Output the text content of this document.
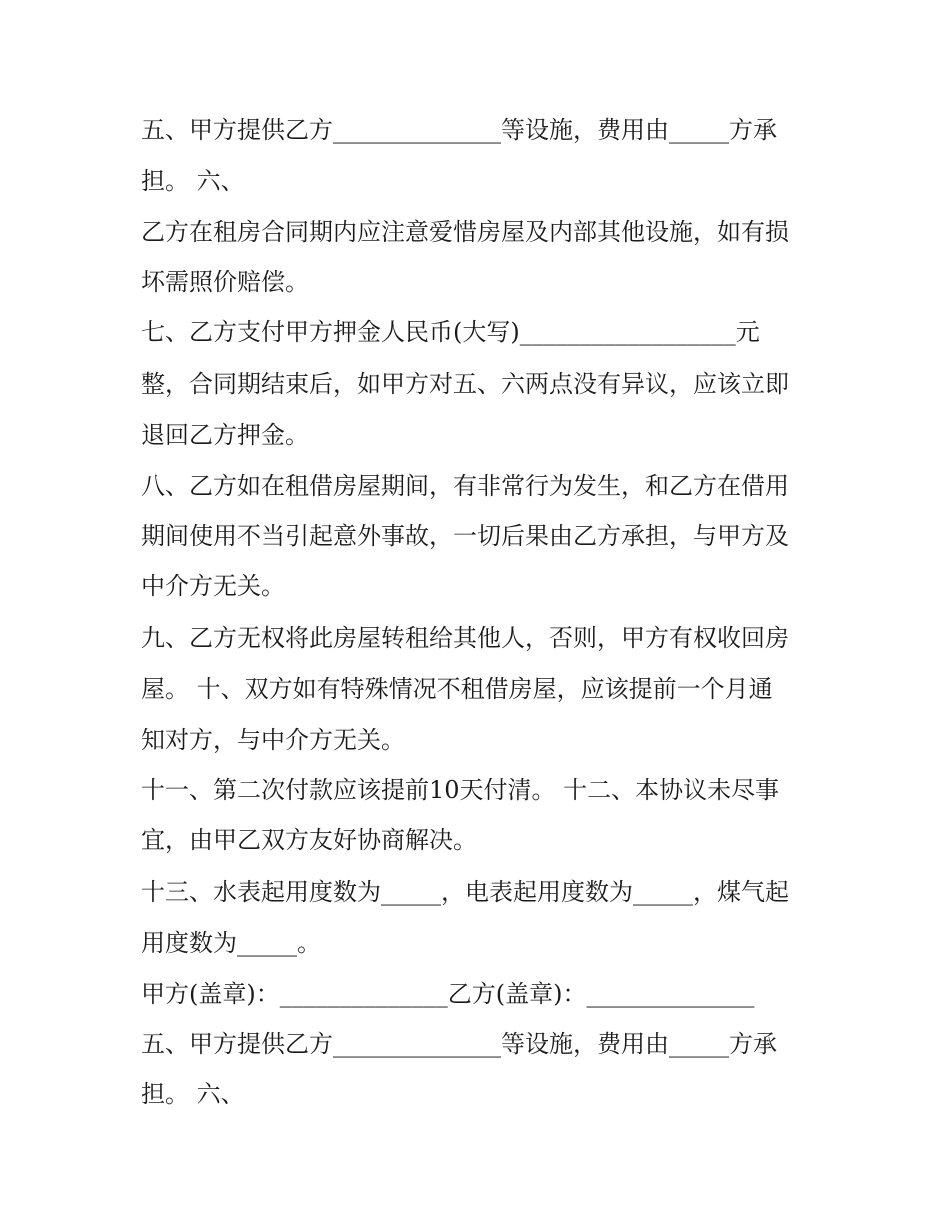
五、甲方提供乙方______________等设施，费用由_____方承
担。 六、
乙方在租房合同期内应注意爱惜房屋及内部其他设施，如有损
坏需照价赔偿。
七、乙方支付甲方押金人民币(大写)__________________元
整，合同期结束后，如甲方对五、六两点没有异议，应该立即
退回乙方押金。
八、乙方如在租借房屋期间，有非常行为发生，和乙方在借用
期间使用不当引起意外事故，一切后果由乙方承担，与甲方及
中介方无关。
九、乙方无权将此房屋转租给其他人，否则，甲方有权收回房
屋。 十、双方如有特殊情况不租借房屋，应该提前一个月通
知对方，与中介方无关。
十一、第二次付款应该提前10天付清。 十二、本协议未尽事
宜，由甲乙双方友好协商解决。
十三、水表起用度数为_____，电表起用度数为_____，煤气起
用度数为_____。
甲方(盖章)：______________乙方(盖章)：______________
五、甲方提供乙方______________等设施，费用由_____方承
担。 六、
